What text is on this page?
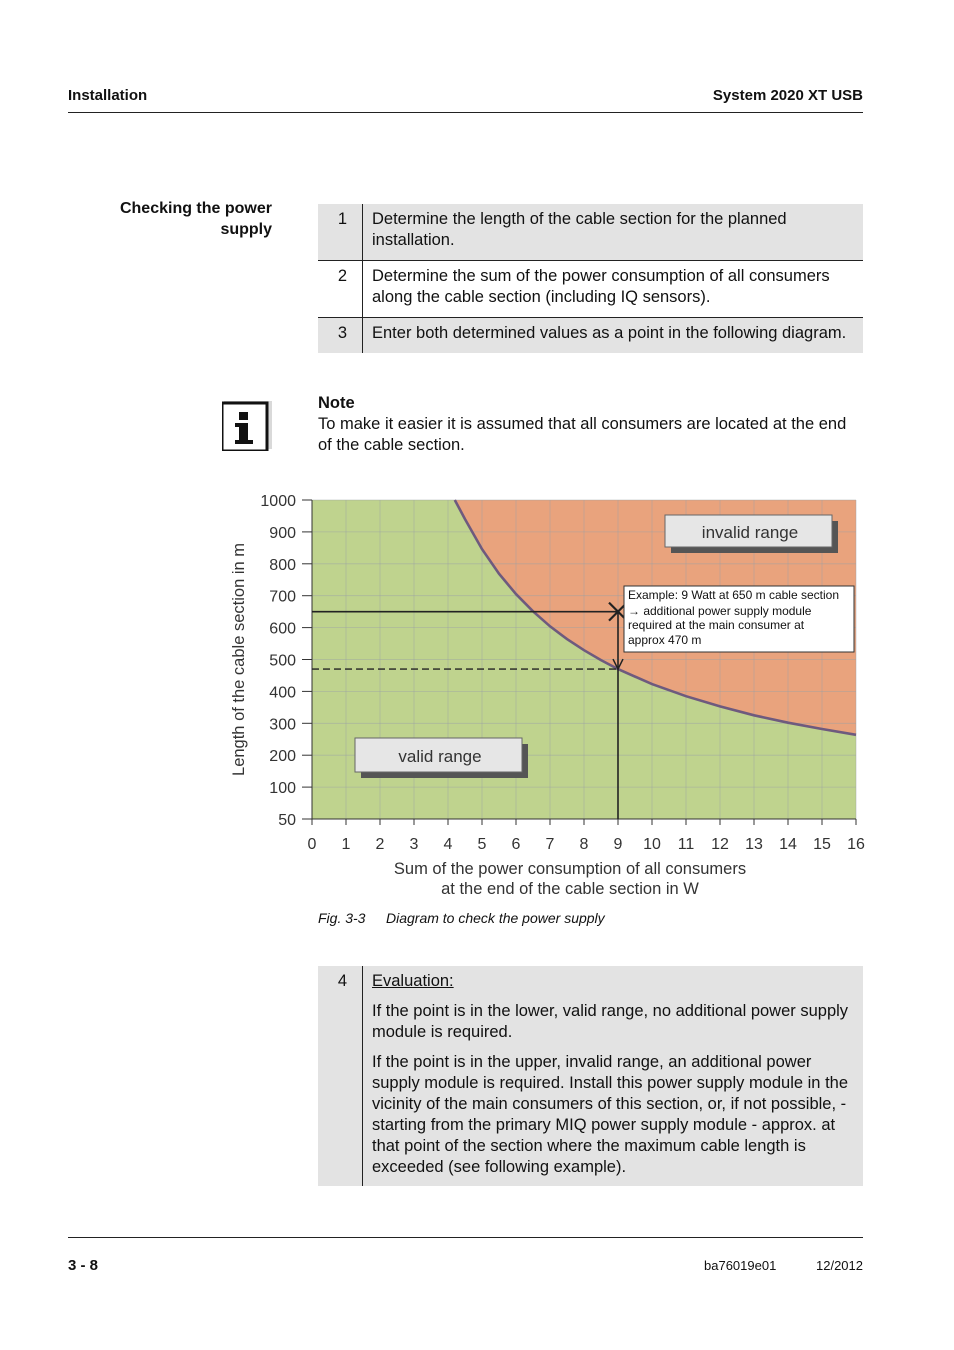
Installation	System 2020 XT USB
Checking the power
supply
1	Determine the length of the cable section for the planned installation.
2	Determine the sum of the power consumption of all consumers along the cable section (including IQ sensors).
3	Enter both determined values as a point in the following diagram.
Note
To make it easier it is assumed that all consumers are located at the end of the cable section.
1000
900
800
700
600
500
400
300
200
100
50
0 1 2 3 4 5 6 7 8 9 10 11 12 13 14 15 16
Sum of the power consumption of all consumers
at the end of the cable section in W
Length of the cable section in m	Example: 9 Watt at 650 m cable section
→ additional power supply module
required at the main consumer at
approx 470 m
invalid range
valid range
Fig. 3-3 Diagram to check the power supply
4	Evaluation:

If the point is in the lower, valid range, no additional power supply module is required.

If the point is in the upper, invalid range, an additional power supply module is required. Install this power supply module in the vicinity of the main consumers of this section, or, if not possible, - starting from the primary MIQ power supply module - approx. at that point of the section where the maximum cable length is exceeded (see following example).

3 - 8	ba76019e01	12/2012
